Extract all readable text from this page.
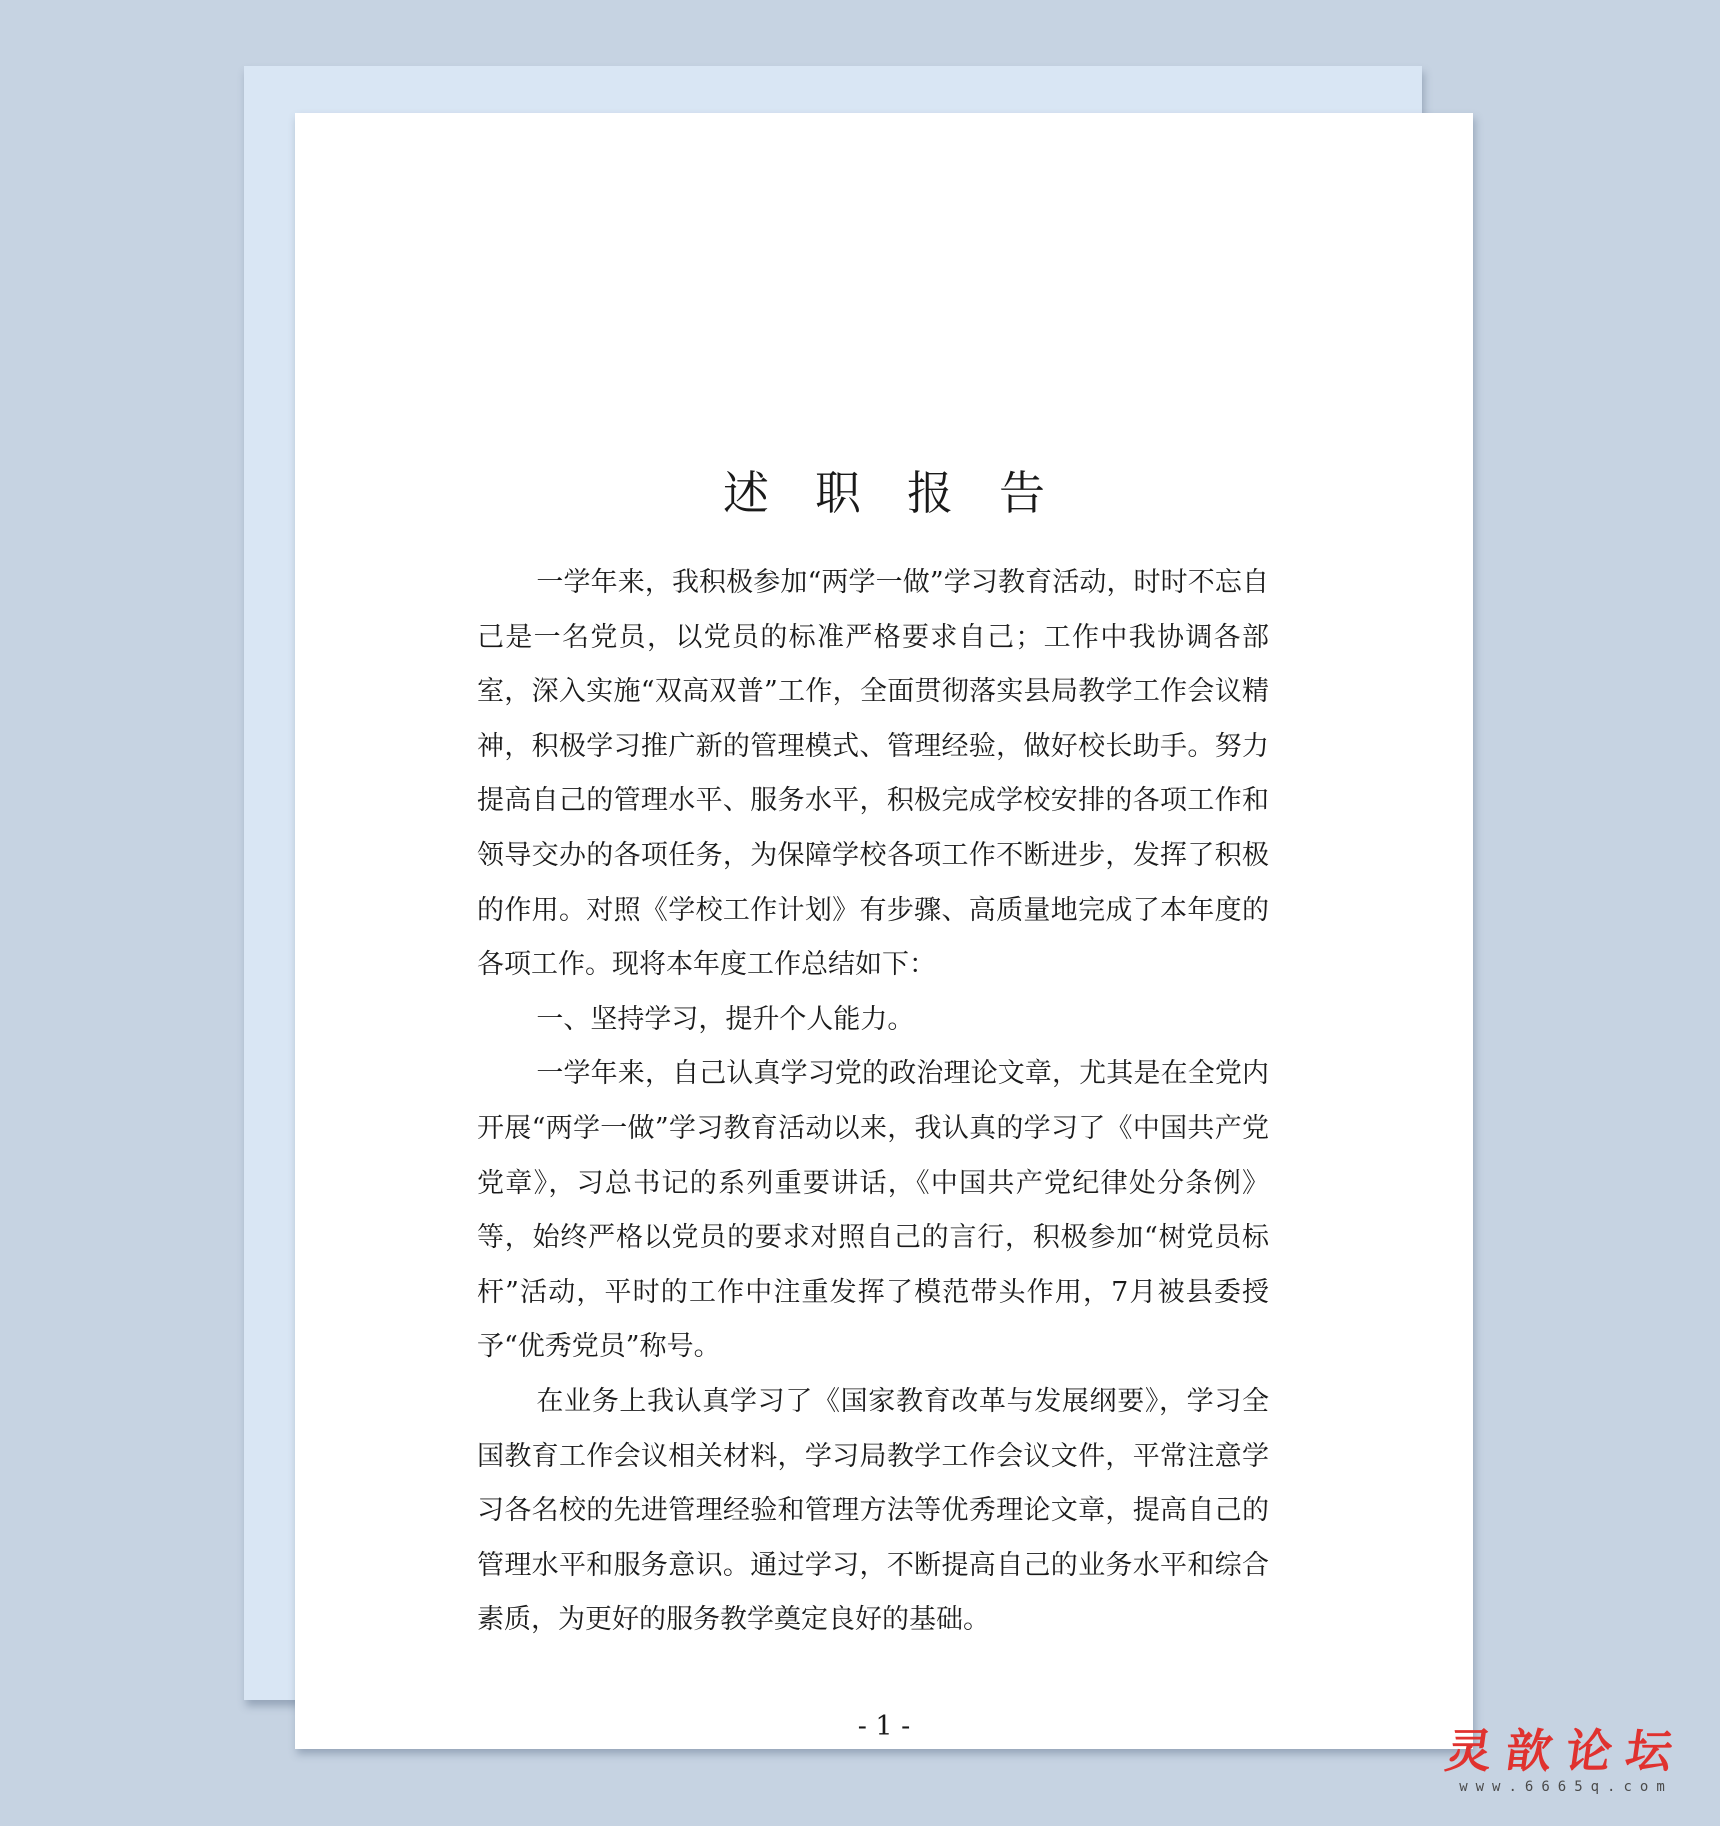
述职报告

一学年来，我积极参加“两学一做”学习教育活动，时时不忘自己是一名党员，以党员的标准严格要求自己；工作中我协调各部室，深入实施“双高双普”工作，全面贯彻落实县局教学工作会议精神，积极学习推广新的管理模式、管理经验，做好校长助手。努力提高自己的管理水平、服务水平，积极完成学校安排的各项工作和领导交办的各项任务，为保障学校各项工作不断进步，发挥了积极的作用。对照《学校工作计划》有步骤、高质量地完成了本年度的各项工作。现将本年度工作总结如下：

一、坚持学习，提升个人能力。

一学年来，自己认真学习党的政治理论文章，尤其是在全党内开展“两学一做”学习教育活动以来，我认真的学习了《中国共产党党章》，习总书记的系列重要讲话，《中国共产党纪律处分条例》等，始终严格以党员的要求对照自己的言行，积极参加“树党员标杆”活动，平时的工作中注重发挥了模范带头作用，7月被县委授予“优秀党员”称号。

在业务上我认真学习了《国家教育改革与发展纲要》，学习全国教育工作会议相关材料，学习局教学工作会议文件，平常注意学习各名校的先进管理经验和管理方法等优秀理论文章，提高自己的管理水平和服务意识。通过学习，不断提高自己的业务水平和综合素质，为更好的服务教学奠定良好的基础。

- 1 -	灵歆论坛
www.6665q.com
